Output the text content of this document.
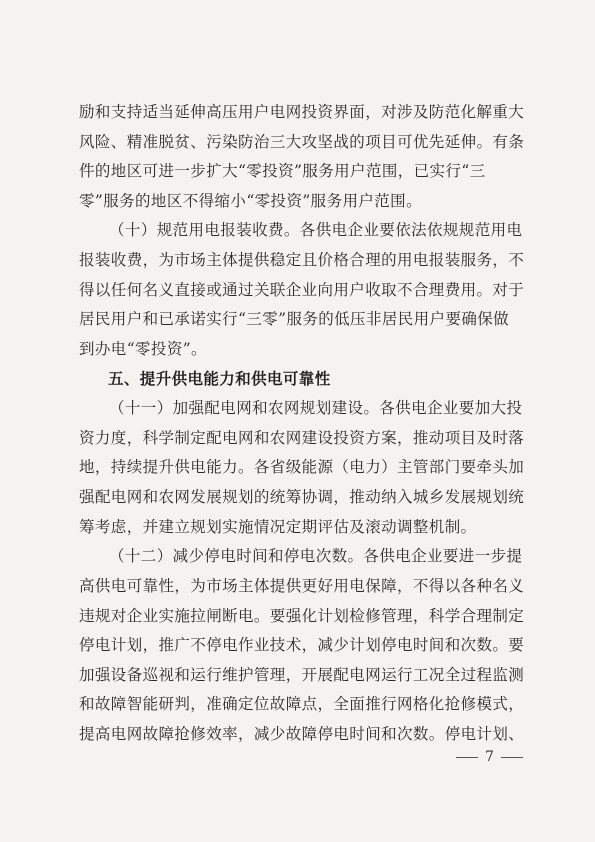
励和支持适当延伸高压用户电网投资界面，对涉及防范化解重大
风险、精准脱贫、污染防治三大攻坚战的项目可优先延伸。有条
件的地区可进一步扩大“零投资”服务用户范围，已实行“三
零”服务的地区不得缩小“零投资”服务用户范围。
（十）规范用电报装收费。各供电企业要依法依规规范用电
报装收费，为市场主体提供稳定且价格合理的用电报装服务，不
得以任何名义直接或通过关联企业向用户收取不合理费用。对于
居民用户和已承诺实行“三零”服务的低压非居民用户要确保做
到办电“零投资”。
五、提升供电能力和供电可靠性
（十一）加强配电网和农网规划建设。各供电企业要加大投
资力度，科学制定配电网和农网建设投资方案，推动项目及时落
地，持续提升供电能力。各省级能源（电力）主管部门要牵头加
强配电网和农网发展规划的统筹协调，推动纳入城乡发展规划统
筹考虑，并建立规划实施情况定期评估及滚动调整机制。
（十二）减少停电时间和停电次数。各供电企业要进一步提
高供电可靠性，为市场主体提供更好用电保障，不得以各种名义
违规对企业实施拉闸断电。要强化计划检修管理，科学合理制定
停电计划，推广不停电作业技术，减少计划停电时间和次数。要
加强设备巡视和运行维护管理，开展配电网运行工况全过程监测
和故障智能研判，准确定位故障点，全面推行网格化抢修模式，
提高电网故障抢修效率，减少故障停电时间和次数。停电计划、
7
